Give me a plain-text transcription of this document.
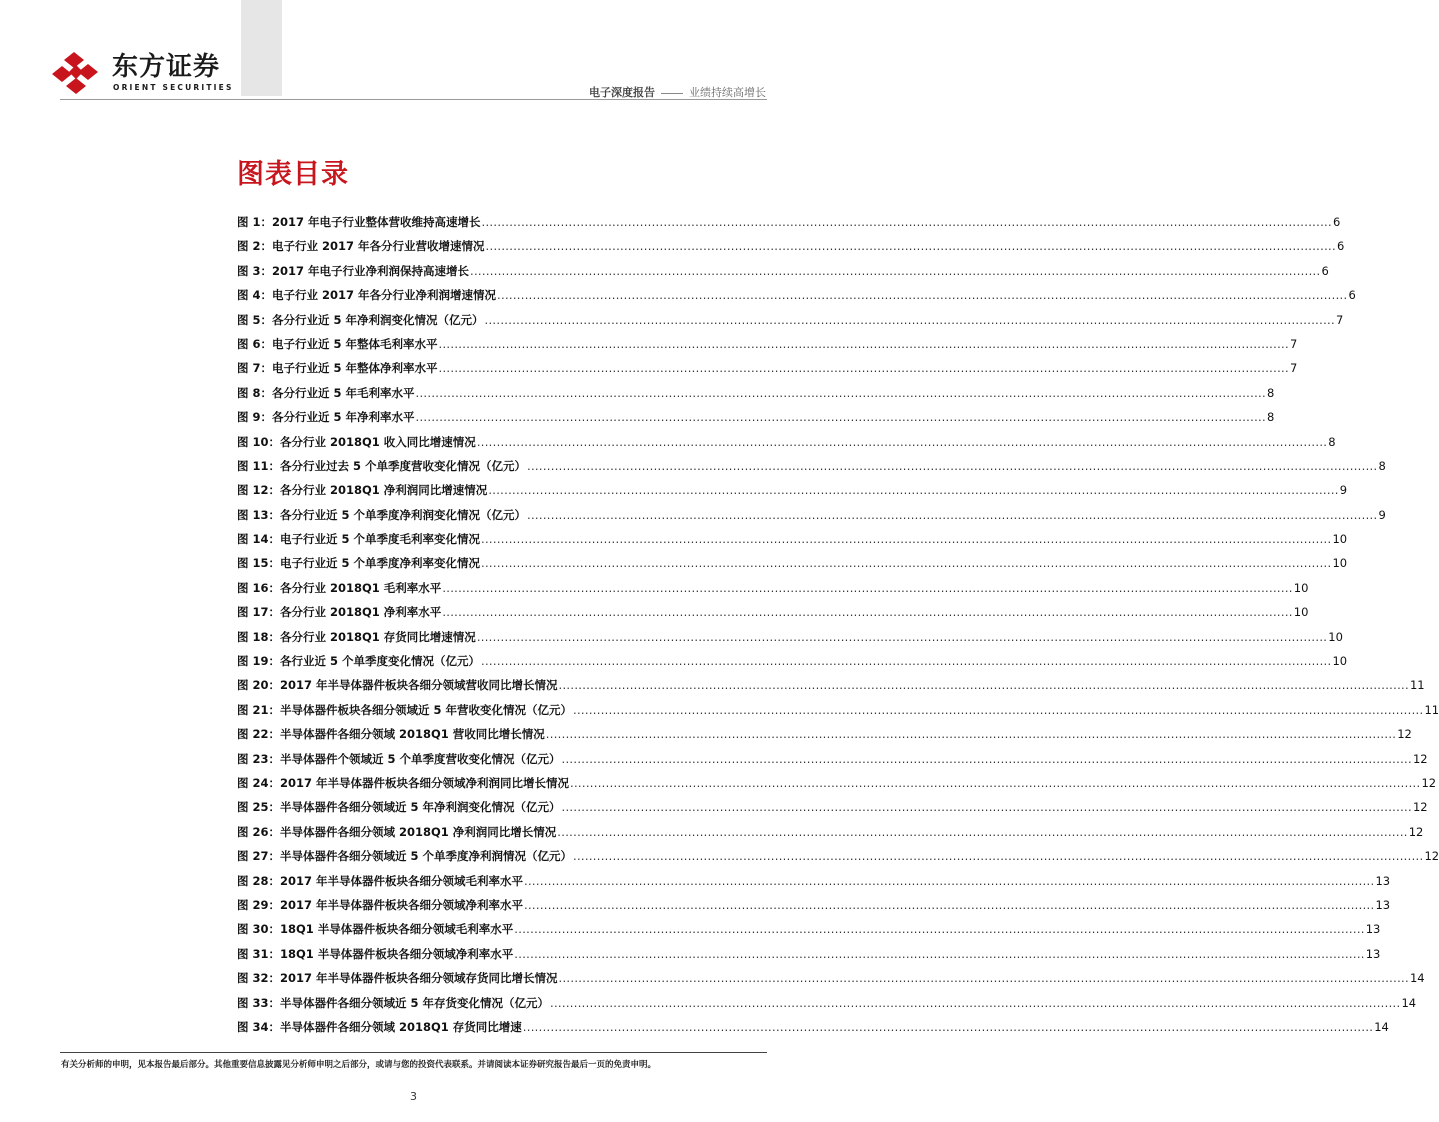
东方证券
ORIENT SECURITIES	电子深度报告	业绩持续高增长
图表目录
图 1：2017 年电子行业整体营收维持高速增长 .....	6
图 2：电子行业 2017 年各分行业营收增速情况 .....	6
图 3：2017 年电子行业净利润保持高速增长 .....	6
图 4：电子行业 2017 年各分行业净利润增速情况 .....	6
图 5：各分行业近 5 年净利润变化情况（亿元） .....	7
图 6：电子行业近 5 年整体毛利率水平 .....	7
图 7：电子行业近 5 年整体净利率水平 .....	7
图 8：各分行业近 5 年毛利率水平 .....	8
图 9：各分行业近 5 年净利率水平 .....	8
图 10：各分行业 2018Q1 收入同比增速情况 .....	8
图 11：各分行业过去 5 个单季度营收变化情况（亿元） .....	8
图 12：各分行业 2018Q1 净利润同比增速情况 .....	9
图 13：各分行业近 5 个单季度净利润变化情况（亿元） .....	9
图 14：电子行业近 5 个单季度毛利率变化情况 .....	10
图 15：电子行业近 5 个单季度净利率变化情况 .....	10
图 16：各分行业 2018Q1 毛利率水平 .....	10
图 17：各分行业 2018Q1 净利率水平 .....	10
图 18：各分行业 2018Q1 存货同比增速情况 .....	10
图 19：各行业近 5 个单季度变化情况（亿元） .....	10
图 20：2017 年半导体器件板块各细分领域营收同比增长情况 .....	11
图 21：半导体器件板块各细分领域近 5 年营收变化情况（亿元） .....	11
图 22：半导体器件各细分领域 2018Q1 营收同比增长情况 .....	12
图 23：半导体器件个领域近 5 个单季度营收变化情况（亿元） .....	12
图 24：2017 年半导体器件板块各细分领域净利润同比增长情况 .....	12
图 25：半导体器件各细分领域近 5 年净利润变化情况（亿元） .....	12
图 26：半导体器件各细分领域 2018Q1 净利润同比增长情况 .....	12
图 27：半导体器件各细分领域近 5 个单季度净利润情况（亿元） .....	12
图 28：2017 年半导体器件板块各细分领域毛利率水平 .....	13
图 29：2017 年半导体器件板块各细分领域净利率水平 .....	13
图 30：18Q1 半导体器件板块各细分领域毛利率水平 .....	13
图 31：18Q1 半导体器件板块各细分领域净利率水平 .....	13
图 32：2017 年半导体器件板块各细分领域存货同比增长情况 .....	14
图 33：半导体器件各细分领域近 5 年存货变化情况（亿元） .....	14
图 34：半导体器件各细分领域 2018Q1 存货同比增速 .....	14
有关分析师的申明，见本报告最后部分。其他重要信息披露见分析师申明之后部分，或请与您的投资代表联系。并请阅读本证券研究报告最后一页的免责申明。
3
